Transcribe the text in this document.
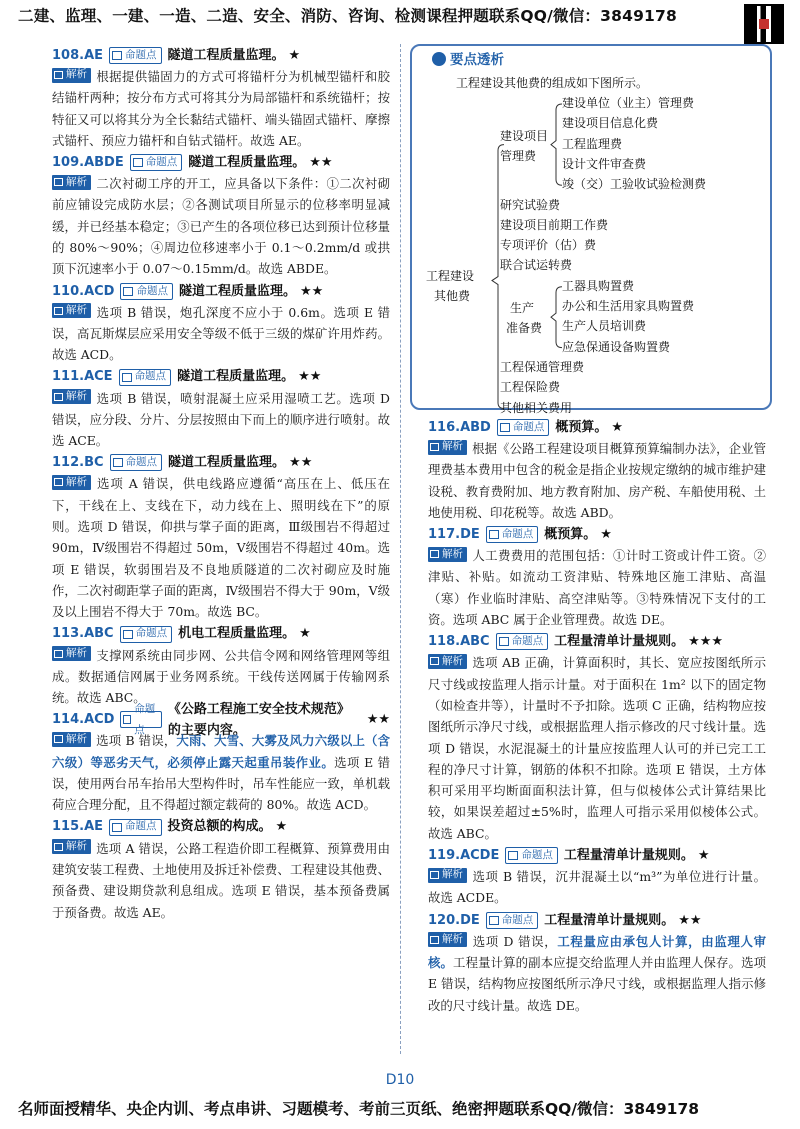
二建、监理、一建、一造、二造、安全、消防、咨询、检测课程押题联系QQ/微信：3849178
108.AE 命题点 隧道工程质量监理。 ★
解析 根据提供锚固力的方式可将锚杆分为机械型锚杆和胶结锚杆两种；按分布方式可将其分为局部锚杆和系统锚杆；按特征又可以将其分为全长黏结式锚杆、端头锚固式锚杆、摩擦式锚杆、预应力锚杆和自钻式锚杆。故选 AE。
109.ABDE 命题点 隧道工程质量监理。 ★★
解析 二次衬砌工序的开工，应具备以下条件：①二次衬砌前应铺设完成防水层；②各测试项目所显示的位移率明显减缓，并已经基本稳定；③已产生的各项位移已达到预计位移量的 80%～90%；④周边位移速率小于 0.1～0.2mm/d 或拱顶下沉速率小于 0.07～0.15mm/d。故选 ABDE。
110.ACD 命题点 隧道工程质量监理。 ★★
解析 选项 B 错误，炮孔深度不应小于 0.6m。选项 E 错误，高瓦斯煤层应采用安全等级不低于三级的煤矿许用炸药。故选 ACD。
111.ACE 命题点 隧道工程质量监理。 ★★
解析 选项 B 错误，喷射混凝土应采用湿喷工艺。选项 D 错误，应分段、分片、分层按照由下而上的顺序进行喷射。故选 ACE。
112.BC 命题点 隧道工程质量监理。 ★★
解析 选项 A 错误，供电线路应遵循“高压在上、低压在下，干线在上、支线在下，动力线在上、照明线在下”的原则。选项 D 错误，仰拱与掌子面的距离，Ⅲ级围岩不得超过 90m，Ⅳ级围岩不得超过 50m，Ⅴ级围岩不得超过 40m。选项 E 错误，软弱围岩及不良地质隧道的二次衬砌应及时施作，二次衬砌距掌子面的距离，Ⅳ级围岩不得大于 90m，Ⅴ级及以上围岩不得大于 70m。故选 BC。
113.ABC 命题点 机电工程质量监理。 ★
解析 支撑网系统由同步网、公共信令网和网络管理网等组成。数据通信网属于业务网系统。干线传送网属于传输网系统。故选 ABC。
114.ACD
命题点
《公路工程施工安全技术规范》的主要内容。
★★
解析 选项 B 错误，大雨、大雪、大雾及风力六级以上（含六级）等恶劣天气，必须停止露天起重吊装作业。选项 E 错误，使用两台吊车抬吊大型构件时，吊车性能应一致，单机载荷应合理分配，且不得超过额定载荷的 80%。故选 ACD。
115.AE 命题点 投资总额的构成。 ★
解析 选项 A 错误，公路工程造价即工程概算、预算费用由建筑安装工程费、土地使用及拆迁补偿费、工程建设其他费、预备费、建设期贷款利息组成。选项 E 错误，基本预备费属于预备费。故选 AE。
要点透析
工程建设其他费的组成如下图所示。
建设单位（业主）管理费
建设项目信息化费
工程监理费
设计文件审查费
竣（交）工验收试验检测费
研究试验费
建设项目前期工作费
专项评价（估）费
联合试运转费
工器具购置费
办公和生活用家具购置费
生产人员培训费
应急保通设备购置费
工程保通管理费
工程保险费
其他相关费用
建设项目
管理费
生产
准备费
工程建设
其他费
116.ABD 命题点 概预算。 ★
解析 根据《公路工程建设项目概算预算编制办法》，企业管理费基本费用中包含的税金是指企业按规定缴纳的城市维护建设税、教育费附加、地方教育附加、房产税、车船使用税、土地使用税、印花税等。故选 ABD。
117.DE 命题点 概预算。 ★
解析 人工费费用的范围包括：①计时工资或计件工资。②津贴、补贴。如流动工资津贴、特殊地区施工津贴、高温（寒）作业临时津贴、高空津贴等。③特殊情况下支付的工资。选项 ABC 属于企业管理费。故选 DE。
118.ABC 命题点 工程量清单计量规则。 ★★★
解析 选项 AB 正确，计算面积时，其长、宽应按图纸所示尺寸线或按监理人指示计量。对于面积在 1m² 以下的固定物（如检查井等），计量时不予扣除。选项 C 正确，结构物应按图纸所示净尺寸线，或根据监理人指示修改的尺寸线计量。选项 D 错误，水泥混凝土的计量应按监理人认可的并已完工工程的净尺寸计算，钢筋的体积不扣除。选项 E 错误，土方体积可采用平均断面面积法计算，但与似棱体公式计算结果比较，如果误差超过±5%时，监理人可指示采用似棱体公式。故选 ABC。
119.ACDE 命题点 工程量清单计量规则。 ★
解析 选项 B 错误，沉井混凝土以“m³”为单位进行计量。故选 ACDE。
120.DE 命题点 工程量清单计量规则。 ★★
解析 选项 D 错误，工程量应由承包人计算，由监理人审核。工程量计算的副本应提交给监理人并由监理人保存。选项 E 错误，结构物应按图纸所示净尺寸线，或根据监理人指示修改的尺寸线计量。故选 DE。
D10
名师面授精华、央企内训、考点串讲、习题模考、考前三页纸、绝密押题联系QQ/微信：3849178
